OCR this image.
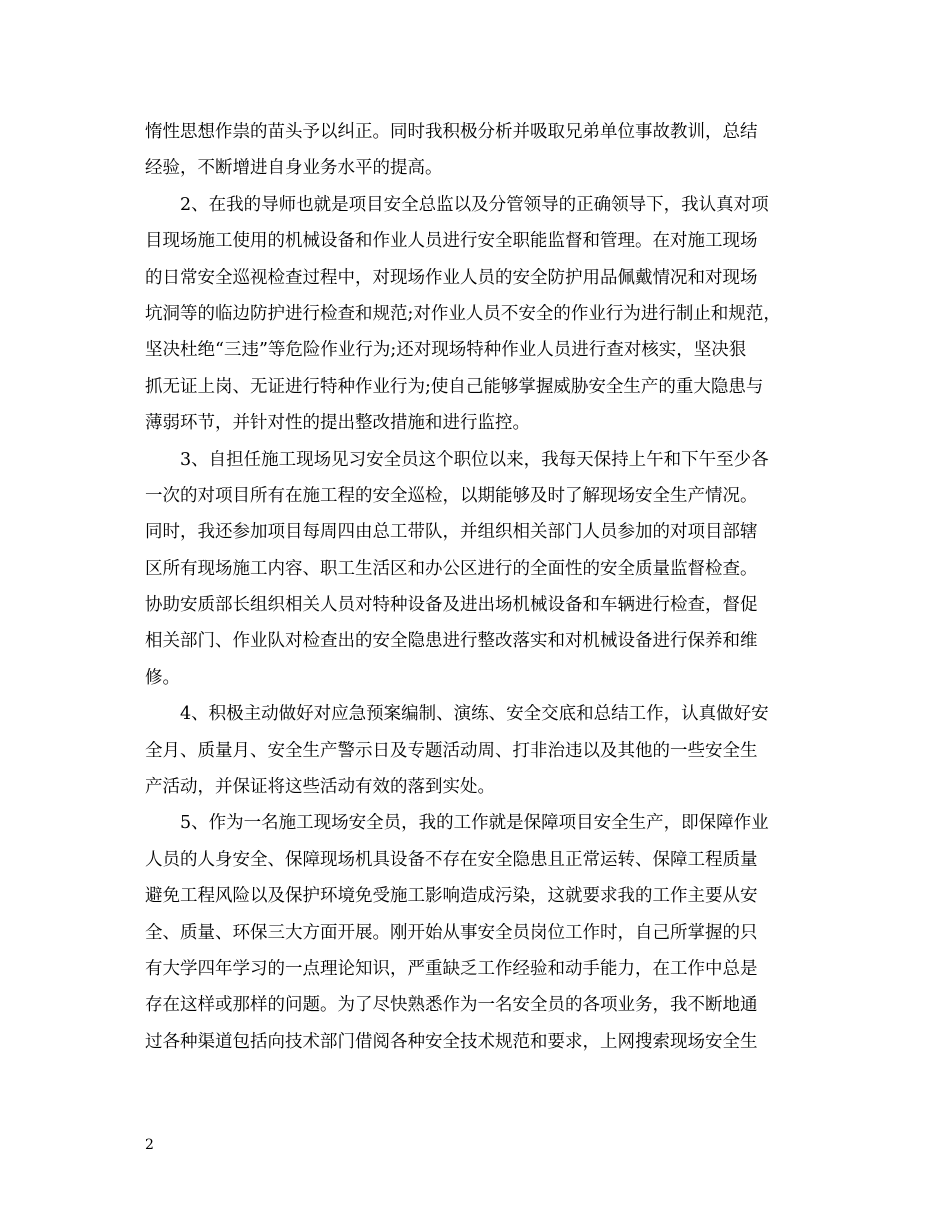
惰性思想作祟的苗头予以纠正。同时我积极分析并吸取兄弟单位事故教训，总结
经验，不断增进自身业务水平的提高。
2、在我的导师也就是项目安全总监以及分管领导的正确领导下，我认真对项
目现场施工使用的机械设备和作业人员进行安全职能监督和管理。在对施工现场
的日常安全巡视检查过程中，对现场作业人员的安全防护用品佩戴情况和对现场
坑洞等的临边防护进行检查和规范;对作业人员不安全的作业行为进行制止和规范，
坚决杜绝“三违”等危险作业行为;还对现场特种作业人员进行查对核实，坚决狠
抓无证上岗、无证进行特种作业行为;使自己能够掌握威胁安全生产的重大隐患与
薄弱环节，并针对性的提出整改措施和进行监控。
3、自担任施工现场见习安全员这个职位以来，我每天保持上午和下午至少各
一次的对项目所有在施工程的安全巡检，以期能够及时了解现场安全生产情况。
同时，我还参加项目每周四由总工带队，并组织相关部门人员参加的对项目部辖
区所有现场施工内容、职工生活区和办公区进行的全面性的安全质量监督检查。
协助安质部长组织相关人员对特种设备及进出场机械设备和车辆进行检查，督促
相关部门、作业队对检查出的安全隐患进行整改落实和对机械设备进行保养和维
修。
4、积极主动做好对应急预案编制、演练、安全交底和总结工作，认真做好安
全月、质量月、安全生产警示日及专题活动周、打非治违以及其他的一些安全生
产活动，并保证将这些活动有效的落到实处。
5、作为一名施工现场安全员，我的工作就是保障项目安全生产，即保障作业
人员的人身安全、保障现场机具设备不存在安全隐患且正常运转、保障工程质量
避免工程风险以及保护环境免受施工影响造成污染，这就要求我的工作主要从安
全、质量、环保三大方面开展。刚开始从事安全员岗位工作时，自己所掌握的只
有大学四年学习的一点理论知识，严重缺乏工作经验和动手能力，在工作中总是
存在这样或那样的问题。为了尽快熟悉作为一名安全员的各项业务，我不断地通
过各种渠道包括向技术部门借阅各种安全技术规范和要求，上网搜索现场安全生
2
